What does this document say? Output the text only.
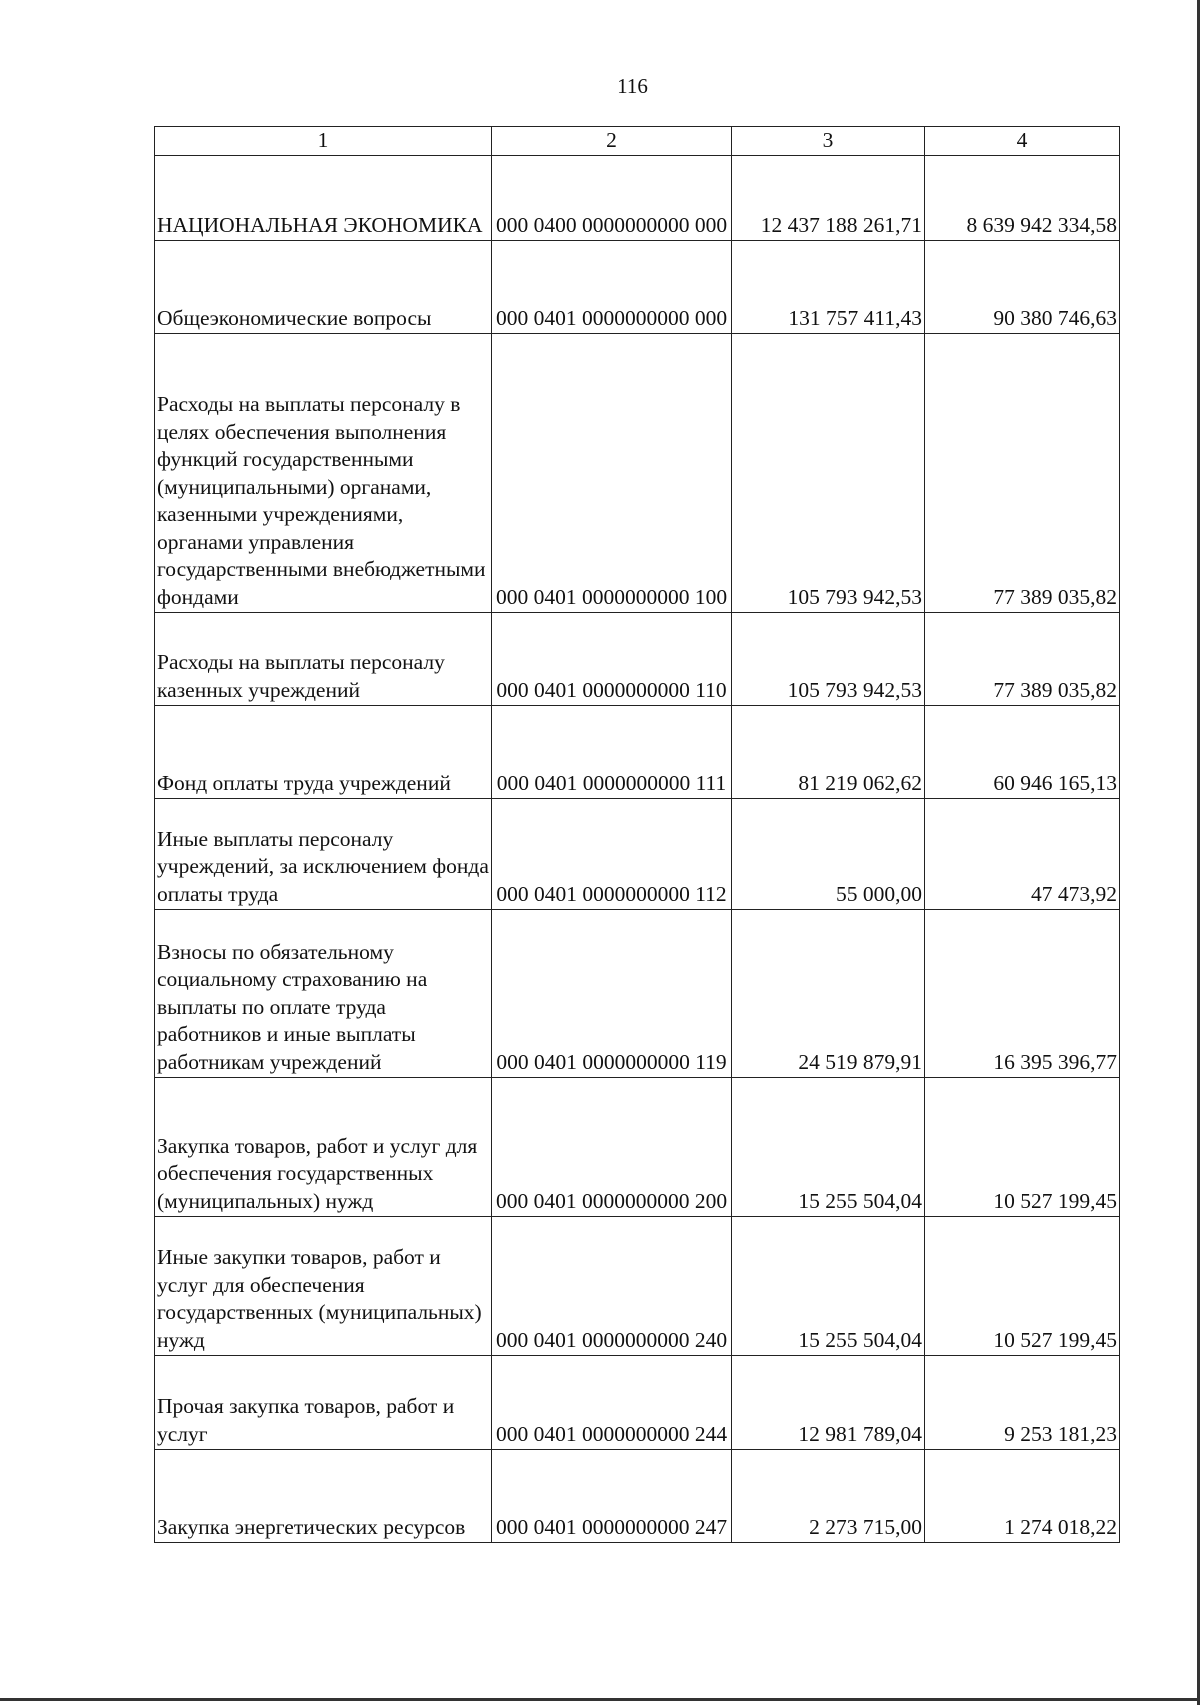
116
1	2	3	4
НАЦИОНАЛЬНАЯ ЭКОНОМИКА	000 0400 0000000000 000	12 437 188 261,71	8 639 942 334,58
Общеэкономические вопросы	000 0401 0000000000 000	131 757 411,43	90 380 746,63
Расходы на выплаты персоналу в целях обеспечения выполнения функций государственными (муниципальными) органами, казенными учреждениями, органами управления государственными внебюджетными фондами	000 0401 0000000000 100	105 793 942,53	77 389 035,82
Расходы на выплаты персоналу казенных учреждений	000 0401 0000000000 110	105 793 942,53	77 389 035,82
Фонд оплаты труда учреждений	000 0401 0000000000 111	81 219 062,62	60 946 165,13
Иные выплаты персоналу учреждений, за исключением фонда оплаты труда	000 0401 0000000000 112	55 000,00	47 473,92
Взносы по обязательному социальному страхованию на выплаты по оплате труда работников и иные выплаты работникам учреждений	000 0401 0000000000 119	24 519 879,91	16 395 396,77
Закупка товаров, работ и услуг для обеспечения государственных (муниципальных) нужд	000 0401 0000000000 200	15 255 504,04	10 527 199,45
Иные закупки товаров, работ и услуг для обеспечения государственных (муниципальных) нужд	000 0401 0000000000 240	15 255 504,04	10 527 199,45
Прочая закупка товаров, работ и услуг	000 0401 0000000000 244	12 981 789,04	9 253 181,23
Закупка энергетических ресурсов	000 0401 0000000000 247	2 273 715,00	1 274 018,22
